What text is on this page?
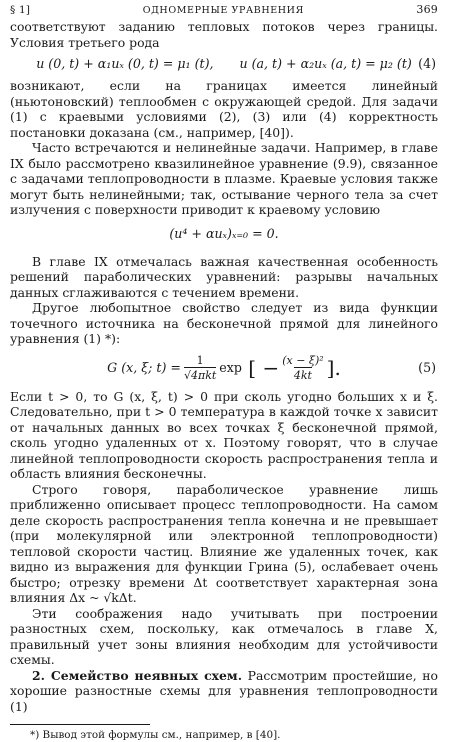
§ 1]	ОДНОМЕРНЫЕ УРАВНЕНИЯ	369

соответствуют заданию тепловых потоков через границы. Условия третьего рода

u (0, t) + α₁uₓ (0, t) = μ₁ (t), u (a, t) + α₂uₓ (a, t) = μ₂ (t) (4)

возникают, если на границах имеется линейный (ньютоновский) теплообмен с окружающей средой. Для задачи (1) с краевыми условиями (2), (3) или (4) корректность постановки доказана (см., например, [40]).

Часто встречаются и нелинейные задачи. Например, в главе IX было рассмотрено квазилинейное уравнение (9.9), связанное с задачами теплопроводности в плазме. Краевые условия также могут быть нелинейными; так, остывание черного тела за счет излучения с поверхности приводит к краевому условию

(u⁴ + αuₓ)ₓ₌₀ = 0.

В главе IX отмечалась важная качественная особенность решений параболических уравнений: разрывы начальных данных сглаживаются с течением времени.

Другое любопытное свойство следует из вида функции точечного источника на бесконечной прямой для линейного уравнения (1) *):

G (x, ξ; $t) = \frac{1}{\text{√4πkt}}$ exp [ − $\frac{\text{(x − ξ)²}}{4kt}$ ].	(5)

Если t > 0, то G (x, ξ, t) > 0 при сколь угодно больших x и ξ. Следовательно, при t > 0 температура в каждой точке x зависит от начальных данных во всех точках ξ бесконечной прямой, сколь угодно удаленных от x. Поэтому говорят, что в случае линейной теплопроводности скорость распространения тепла и область влияния бесконечны.

Строго говоря, параболическое уравнение лишь приближенно описывает процесс теплопроводности. На самом деле скорость распространения тепла конечна и не превышает (при молекулярной или электронной теплопроводности) тепловой скорости частиц. Влияние же удаленных точек, как видно из выражения для функции Грина (5), ослабевает очень быстро; отрезку времени Δt соответствует характерная зона влияния Δx ~ √kΔt.

Эти соображения надо учитывать при построении разностных схем, поскольку, как отмечалось в главе X, правильный учет зоны влияния необходим для устойчивости схемы.

2. Семейство неявных схем. Рассмотрим простейшие, но хорошие разностные схемы для уравнения теплопроводности (1)

*) Вывод этой формулы см., например, в [40].
